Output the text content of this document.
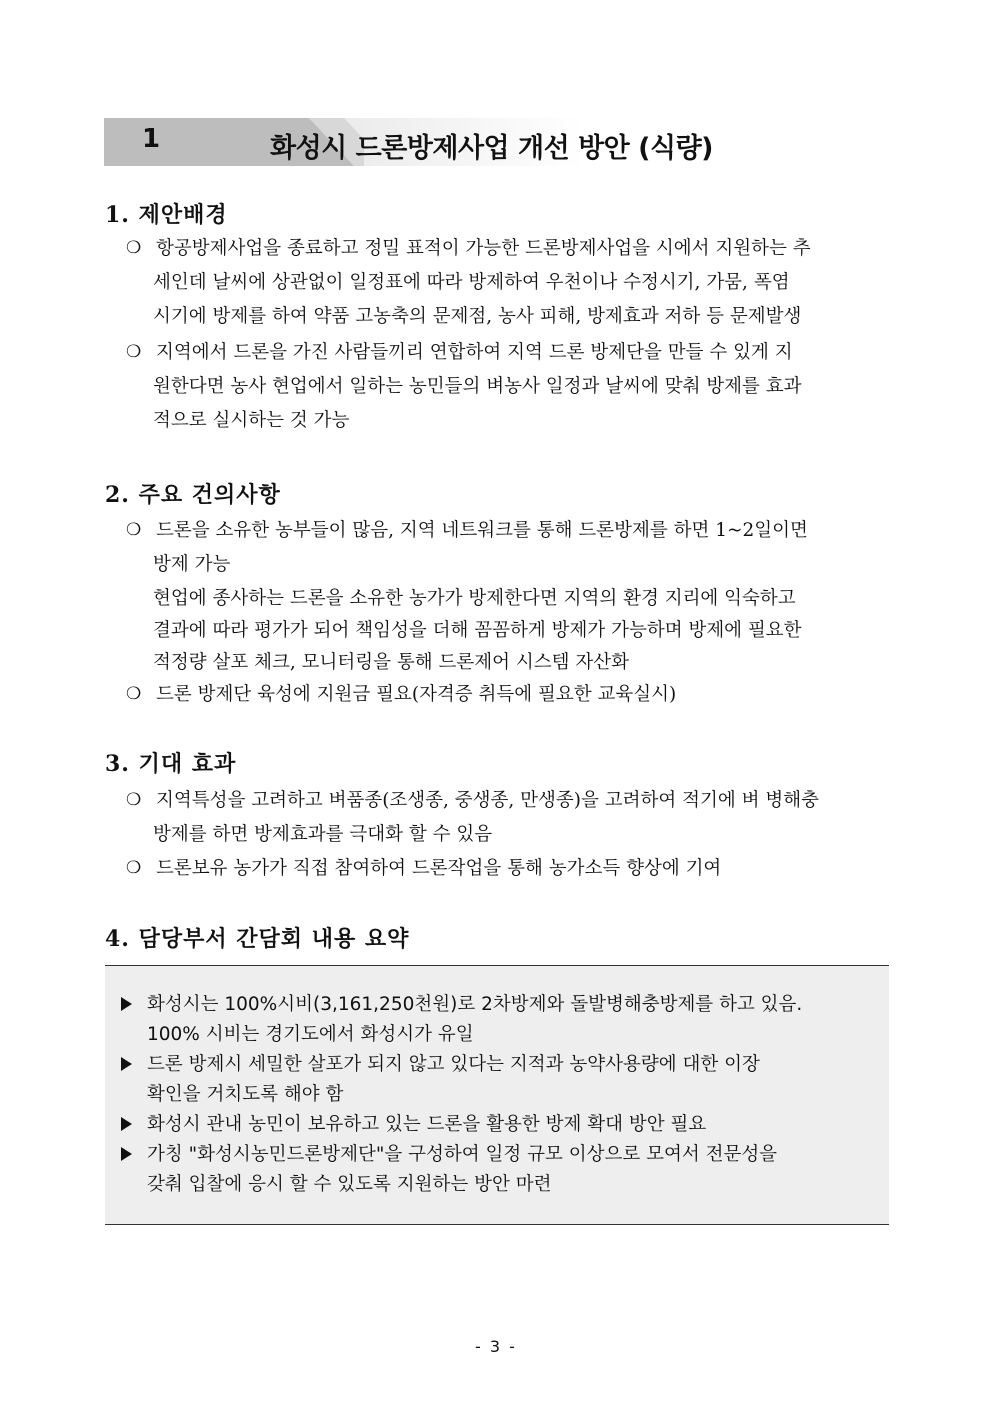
1	화성시 드론방제사업 개선 방안 (식량)
1. 제안배경
❍ 항공방제사업을 종료하고 정밀 표적이 가능한 드론방제사업을 시에서 지원하는 추
세인데 날씨에 상관없이 일정표에 따라 방제하여 우천이나 수정시기, 가뭄, 폭염
시기에 방제를 하여 약품 고농축의 문제점, 농사 피해, 방제효과 저하 등 문제발생
❍ 지역에서 드론을 가진 사람들끼리 연합하여 지역 드론 방제단을 만들 수 있게 지
원한다면 농사 현업에서 일하는 농민들의 벼농사 일정과 날씨에 맞춰 방제를 효과
적으로 실시하는 것 가능
2. 주요 건의사항
❍ 드론을 소유한 농부들이 많음, 지역 네트워크를 통해 드론방제를 하면 1~2일이면
방제 가능
현업에 종사하는 드론을 소유한 농가가 방제한다면 지역의 환경 지리에 익숙하고
결과에 따라 평가가 되어 책임성을 더해 꼼꼼하게 방제가 가능하며 방제에 필요한
적정량 살포 체크, 모니터링을 통해 드론제어 시스템 자산화
❍ 드론 방제단 육성에 지원금 필요(자격증 취득에 필요한 교육실시)
3. 기대 효과
❍ 지역특성을 고려하고 벼품종(조생종, 중생종, 만생종)을 고려하여 적기에 벼 병해충
방제를 하면 방제효과를 극대화 할 수 있음
❍ 드론보유 농가가 직접 참여하여 드론작업을 통해 농가소득 향상에 기여
4. 담당부서 간담회 내용 요약
화성시는 100%시비(3,161,250천원)로 2차방제와 돌발병해충방제를 하고 있음.
100% 시비는 경기도에서 화성시가 유일
드론 방제시 세밀한 살포가 되지 않고 있다는 지적과 농약사용량에 대한 이장
확인을 거치도록 해야 함
화성시 관내 농민이 보유하고 있는 드론을 활용한 방제 확대 방안 필요
가칭 "화성시농민드론방제단"을 구성하여 일정 규모 이상으로 모여서 전문성을
갖춰 입찰에 응시 할 수 있도록 지원하는 방안 마련
- 3 -
